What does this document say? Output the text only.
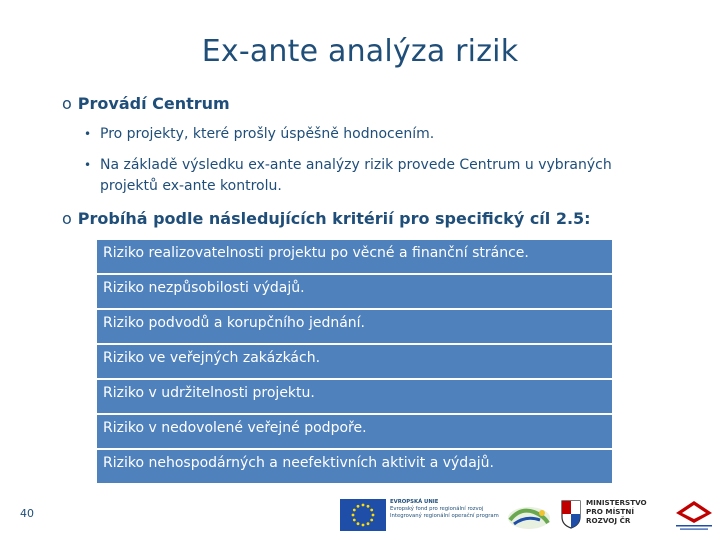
Ex-ante analýza rizik
o Provádí Centrum
• Pro projekty, které prošly úspěšně hodnocením.
• Na základě výsledku ex-ante analýzy rizik provede Centrum u vybraných projektů ex-ante kontrolu.
o Probíhá podle následujících kritérií pro specifický cíl 2.5:
Riziko realizovatelnosti projektu po věcné a finanční stránce.
Riziko nezpůsobilosti výdajů.
Riziko podvodů a korupčního jednání.
Riziko ve veřejných zakázkách.
Riziko v udržitelnosti projektu.
Riziko v nedovolené veřejné podpoře.
Riziko nehospodárných a neefektivních aktivit a výdajů.
40
EVROPSKÁ UNIE
Evropský fond pro regionální rozvoj
Integrovaný regionální operační program
MINISTERSTVO
PRO MÍSTNÍ
ROZVOJ ČR
